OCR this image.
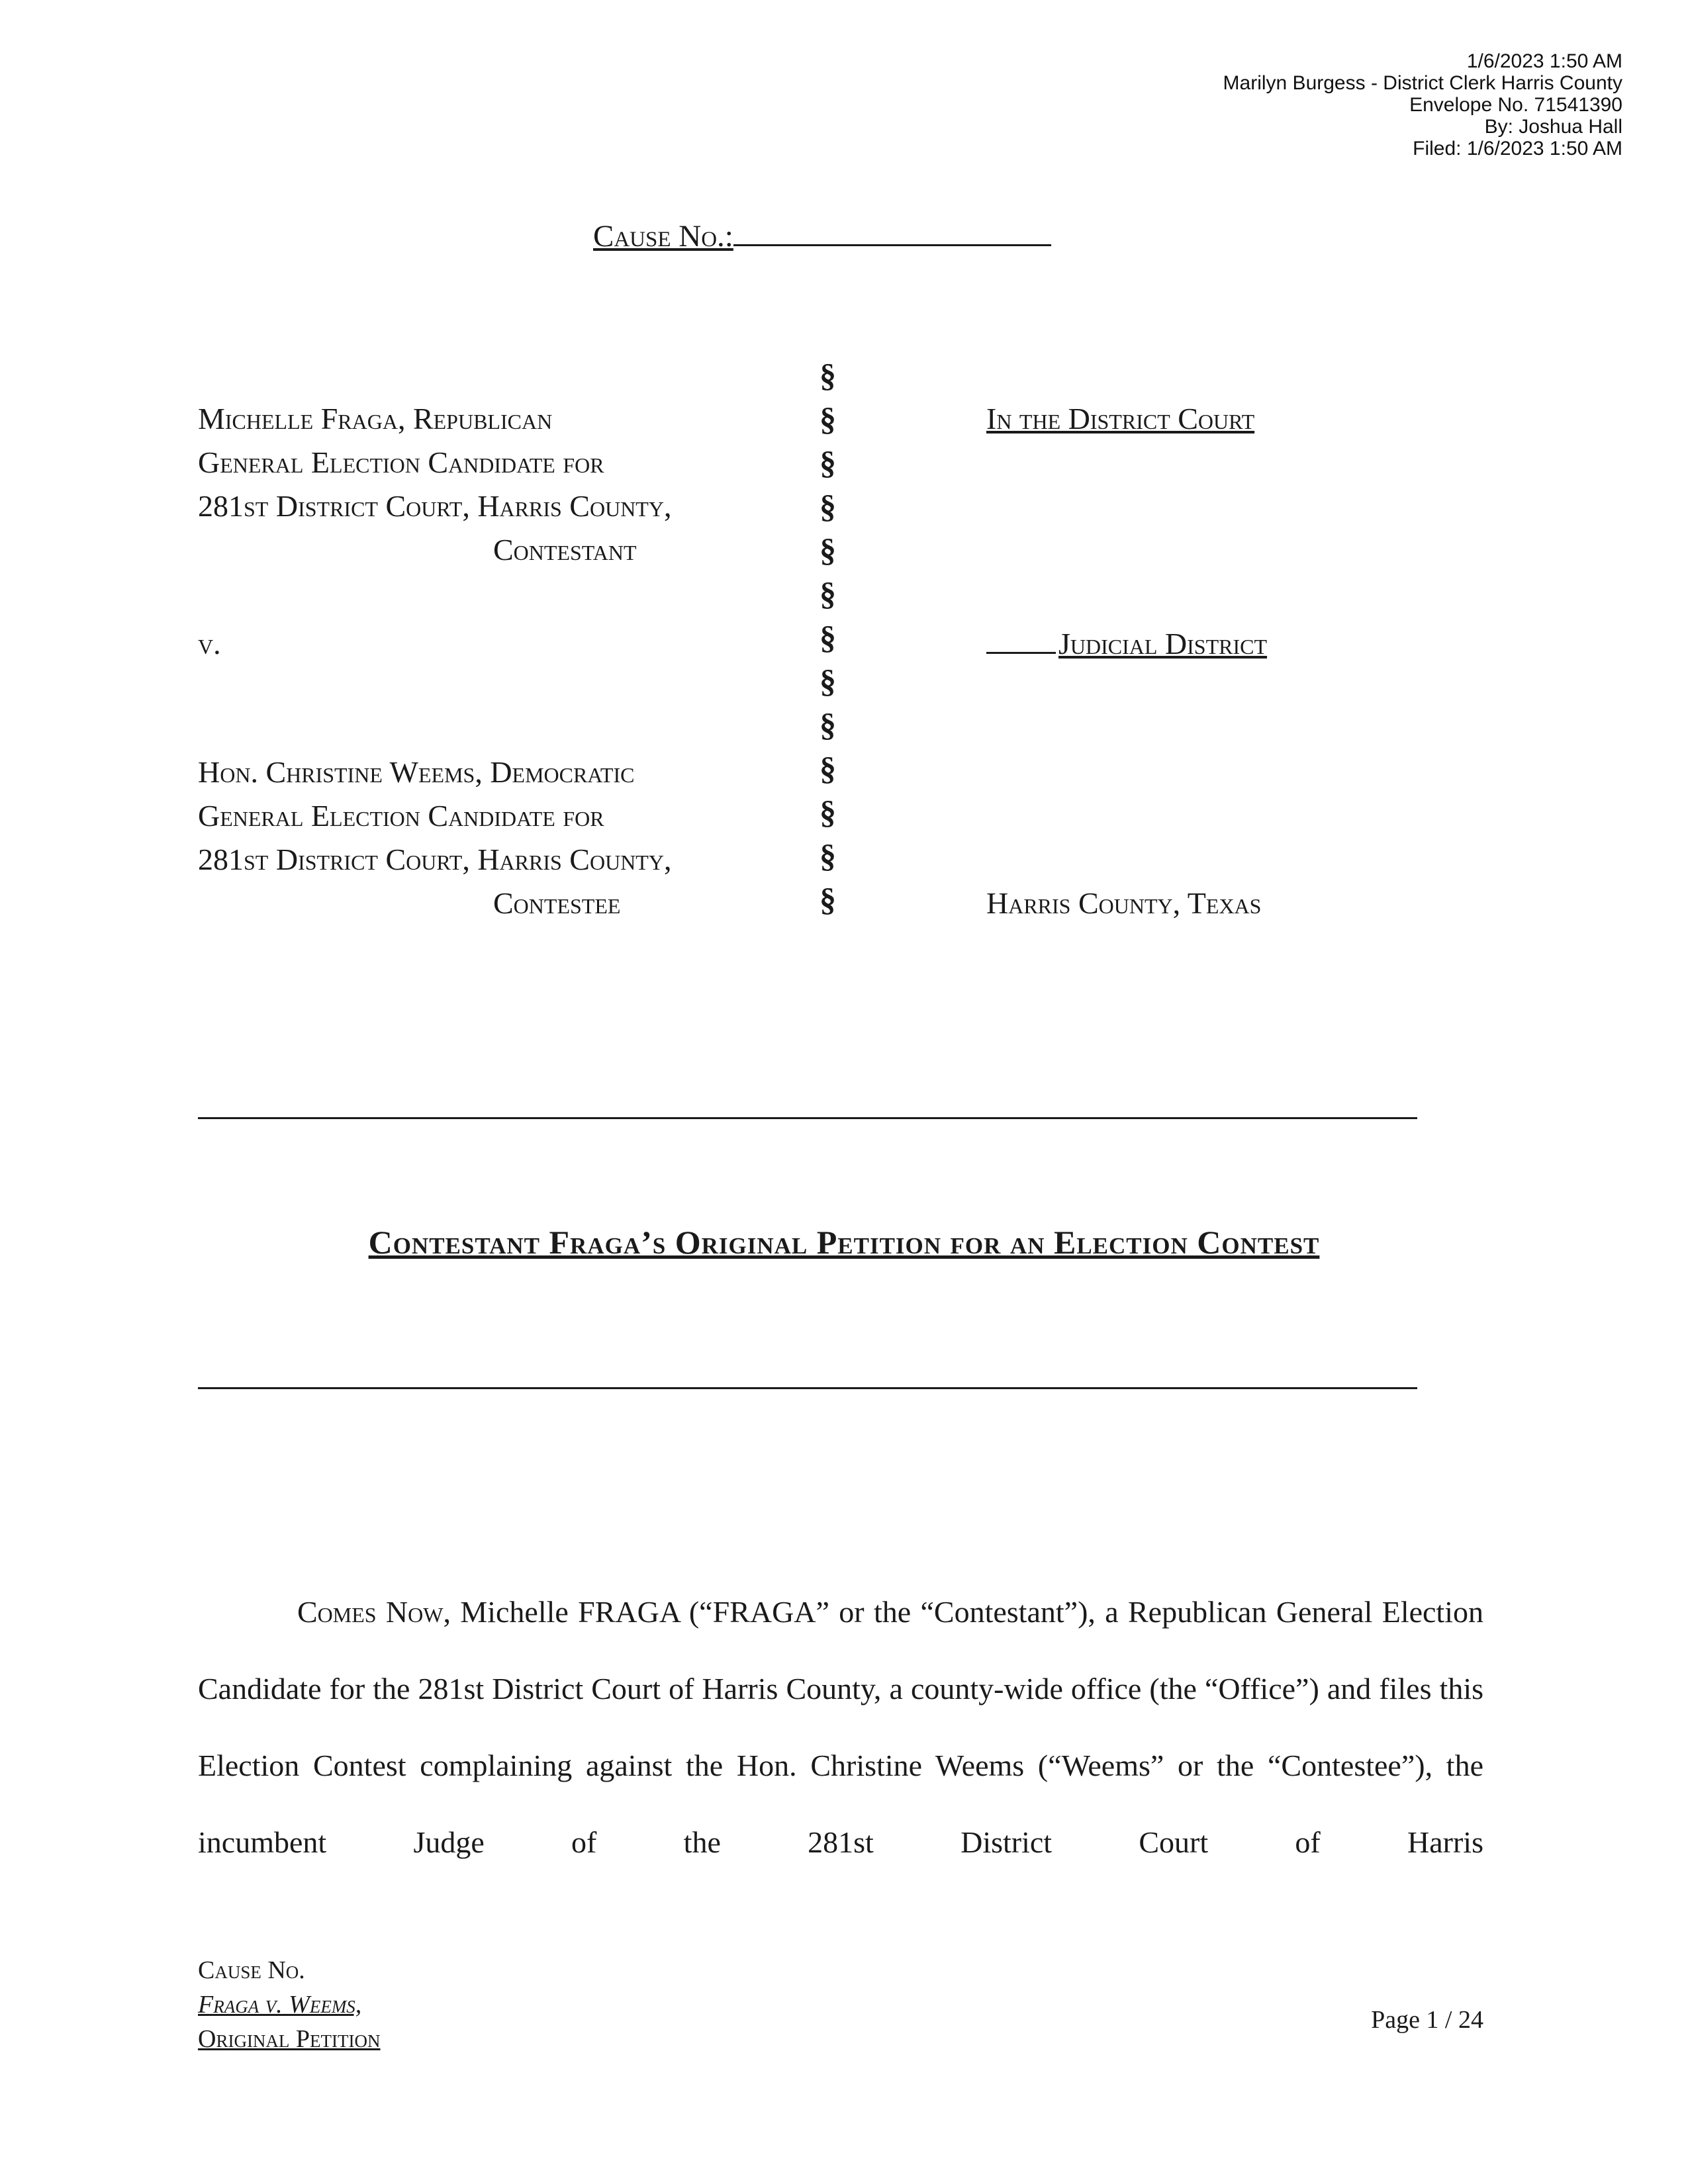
1/6/2023 1:50 AM
Marilyn Burgess - District Clerk Harris County
Envelope No. 71541390
By: Joshua Hall
Filed: 1/6/2023 1:50 AM
Cause No.:
Michelle Fraga, Republican
General Election Candidate for
281st District Court, Harris County,
Contestant
v.
Hon. Christine Weems, Democratic
General Election Candidate for
281st District Court, Harris County,
Contestee
§
§
§
§
§
§
§
§
§
§
§
§
§
In the District Court
Judicial District
Harris County, Texas
Contestant Fraga’s Original Petition for an Election Contest

Comes Now, Michelle FRAGA (“FRAGA” or the “Contestant”), a Republican General Election Candidate for the 281st District Court of Harris County, a county-wide office (the “Office”) and files this Election Contest complaining against the Hon. Christine Weems (“Weems” or the “Contestee”), the incumbent Judge of the 281st District Court of Harris

Cause No.
Fraga v. Weems,
Original Petition
Page 1 / 24
